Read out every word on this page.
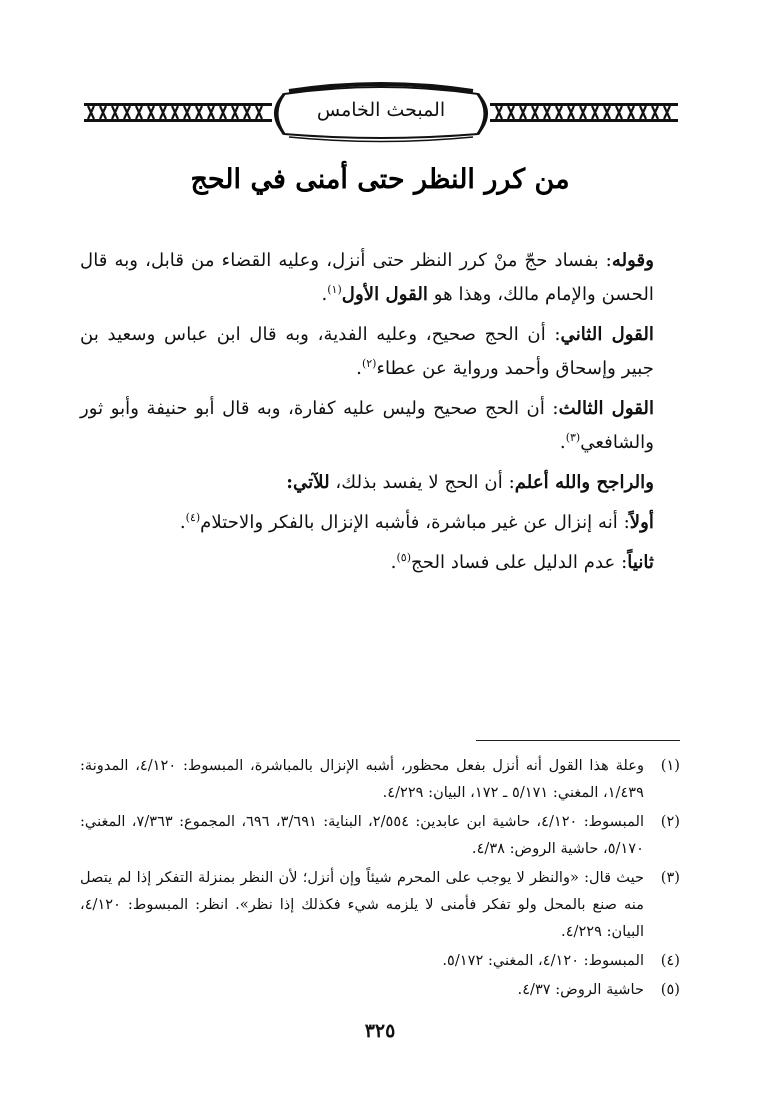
المبحث الخامس
من كرر النظر حتى أمنى في الحج

وقوله: بفساد حجّ منْ كرر النظر حتى أنزل، وعليه القضاء من قابل، وبه قال الحسن والإمام مالك، وهذا هو القول الأول$^{(١)}$.

القول الثاني: أن الحج صحيح، وعليه الفدية، وبه قال ابن عباس وسعيد بن جبير وإسحاق وأحمد ورواية عن عطاء$^{(٢)}$.

القول الثالث: أن الحج صحيح وليس عليه كفارة، وبه قال أبو حنيفة وأبو ثور والشافعي$^{(٣)}$.

والراجح والله أعلم: أن الحج لا يفسد بذلك، للآتي:

أولاً: أنه إنزال عن غير مباشرة، فأشبه الإنزال بالفكر والاحتلام$^{(٤)}$.

ثانياً: عدم الدليل على فساد الحج$^{(٥)}$.

(١)
وعلة هذا القول أنه أنزل بفعل محظور، أشبه الإنزال بالمباشرة، المبسوط: ٤/١٢٠، المدونة: ١/٤٣٩، المغني: ٥/١٧١ ـ ١٧٢، البيان: ٤/٢٢٩.
(٢)
المبسوط: ٤/١٢٠، حاشية ابن عابدين: ٢/٥٥٤، البناية: ٣/٦٩١، ٦٩٦، المجموع: ٧/٣٦٣، المغني: ٥/١٧٠، حاشية الروض: ٤/٣٨.
(٣)
حيث قال: «والنظر لا يوجب على المحرم شيئاً وإن أنزل؛ لأن النظر بمنزلة التفكر إذا لم يتصل منه صنع بالمحل ولو تفكر فأمنى لا يلزمه شيء فكذلك إذا نظر». انظر: المبسوط: ٤/١٢٠، البيان: ٤/٢٢٩.
(٤)
المبسوط: ٤/١٢٠، المغني: ٥/١٧٢.
(٥)
حاشية الروض: ٤/٣٧.
٣٢٥
